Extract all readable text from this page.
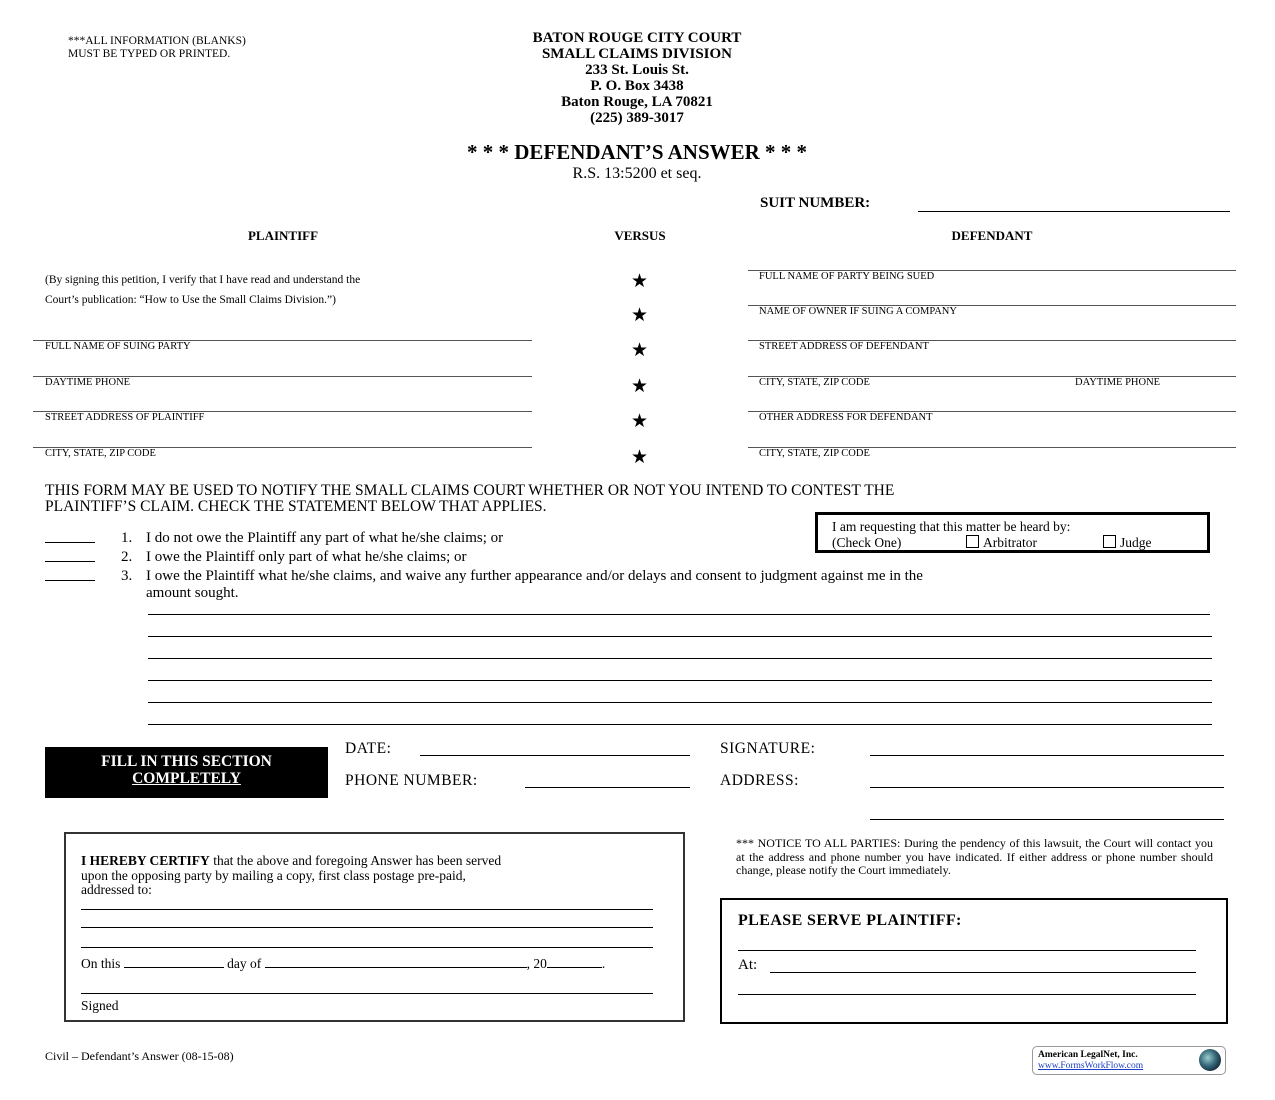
***ALL INFORMATION (BLANKS)
MUST BE TYPED OR PRINTED.
BATON ROUGE CITY COURT
SMALL CLAIMS DIVISION
233 St. Louis St.
P. O. Box 3438
Baton Rouge, LA 70821
(225) 389-3017
* * * DEFENDANT’S ANSWER * * *
R.S. 13:5200 et seq.
SUIT NUMBER:
PLAINTIFF	VERSUS	DEFENDANT
(By signing this petition, I verify that I have read and understand the
Court’s publication: “How to Use the Small Claims Division.”)
FULL NAME OF SUING PARTY
DAYTIME PHONE
STREET ADDRESS OF PLAINTIFF
CITY, STATE, ZIP CODE
★
★
★
★
★
★
FULL NAME OF PARTY BEING SUED
NAME OF OWNER IF SUING A COMPANY
STREET ADDRESS OF DEFENDANT
CITY, STATE, ZIP CODE	DAYTIME PHONE
OTHER ADDRESS FOR DEFENDANT
CITY, STATE, ZIP CODE
THIS FORM MAY BE USED TO NOTIFY THE SMALL CLAIMS COURT WHETHER OR NOT YOU INTEND TO CONTEST THE
PLAINTIFF’S CLAIM. CHECK THE STATEMENT BELOW THAT APPLIES.
I am requesting that this matter be heard by:
(Check One)	Arbitrator	Judge
1. I do not owe the Plaintiff any part of what he/she claims; or
2. I owe the Plaintiff only part of what he/she claims; or
3. I owe the Plaintiff what he/she claims, and waive any further appearance and/or delays and consent to judgment against me in the
amount sought.
FILL IN THIS SECTION
COMPLETELY
DATE:
PHONE NUMBER:
SIGNATURE:
ADDRESS:
I HEREBY CERTIFY that the above and foregoing Answer has been served
upon the opposing party by mailing a copy, first class postage pre-paid,
addressed to:
On this	day of	, 20	.
Signed
*** NOTICE TO ALL PARTIES: During the pendency of this lawsuit, the Court will contact you at the address and phone number you have indicated. If either address or phone number should change, please notify the Court immediately.
PLEASE SERVE PLAINTIFF:
At:
Civil – Defendant’s Answer (08-15-08)	American LegalNet, Inc.
www.FormsWorkFlow.com
